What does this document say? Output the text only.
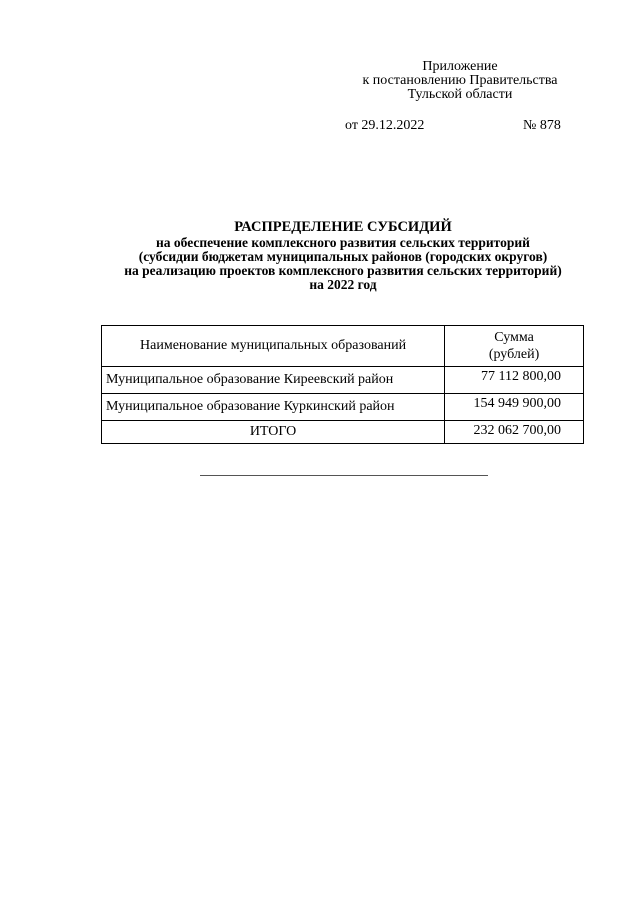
Приложение
к постановлению Правительства
Тульской области
от 29.12.2022	№ 878
РАСПРЕДЕЛЕНИЕ СУБСИДИЙ
на обеспечение комплексного развития сельских территорий
(субсидии бюджетам муниципальных районов (городских округов)
на реализацию проектов комплексного развития сельских территорий)
на 2022 год
Наименование муниципальных образований	Сумма
(рублей)

Муниципальное образование Киреевский район	77 112 800,00
Муниципальное образование Куркинский район	154 949 900,00
ИТОГО	232 062 700,00
